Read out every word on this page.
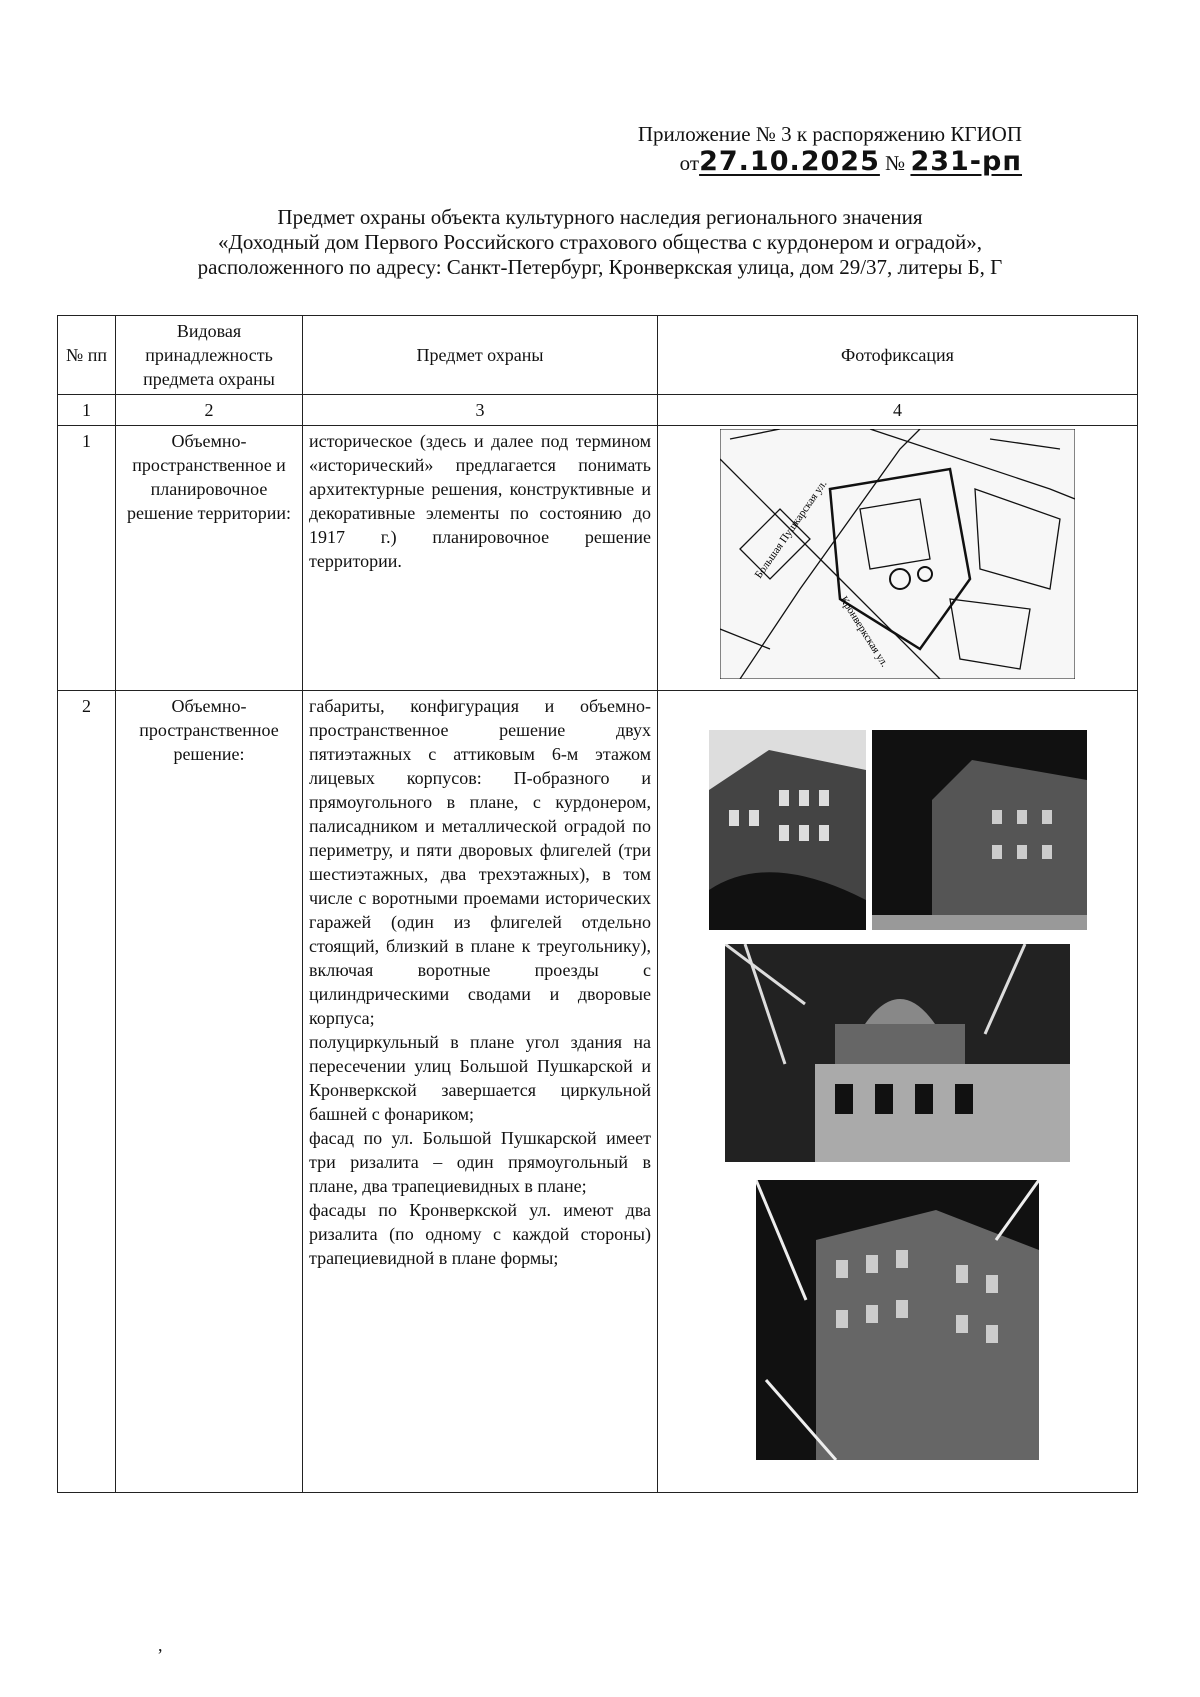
Приложение № 3 к распоряжению КГИОП
от27.10.2025 № 231-рп
Предмет охраны объекта культурного наследия регионального значения
«Доходный дом Первого Российского страхового общества с курдонером и оградой»,
расположенного по адресу: Санкт-Петербург, Кронверкская улица, дом 29/37, литеры Б, Г
№ пп	Видовая принадлежность предмета охраны	Предмет охраны	Фотофиксация
1	2	3	4
1	Объемно-пространственное и планировочное решение территории:	историческое (здесь и далее под термином «исторический» предлагается понимать архитектурные решения, конструктивные и декоративные элементы по состоянию до 1917 г.) планировочное решение территории.	Большая Пушкарская ул.
Кронверкская ул.

2	Объемно-пространственное решение:	габариты, конфигурация и объемно-пространственное решение двух пятиэтажных с аттиковым 6-м этажом лицевых корпусов: П-образного и прямоугольного в плане, с курдонером, палисадником и металлической оградой по периметру, и пяти дворовых флигелей (три шестиэтажных, два трехэтажных), в том числе с воротными проемами исторических гаражей (один из флигелей отдельно стоящий, близкий в плане к треугольнику), включая воротные проезды с цилиндрическими сводами и дворовые корпуса;
полуциркульный в плане угол здания на пересечении улиц Большой Пушкарской и Кронверкской завершается циркульной башней с фонариком;
фасад по ул. Большой Пушкарской имеет три ризалита – один прямоугольный в плане, два трапециевидных в плане;
фасады по Кронверкской ул. имеют два ризалита (по одному с каждой стороны) трапециевидной в плане формы;

,
